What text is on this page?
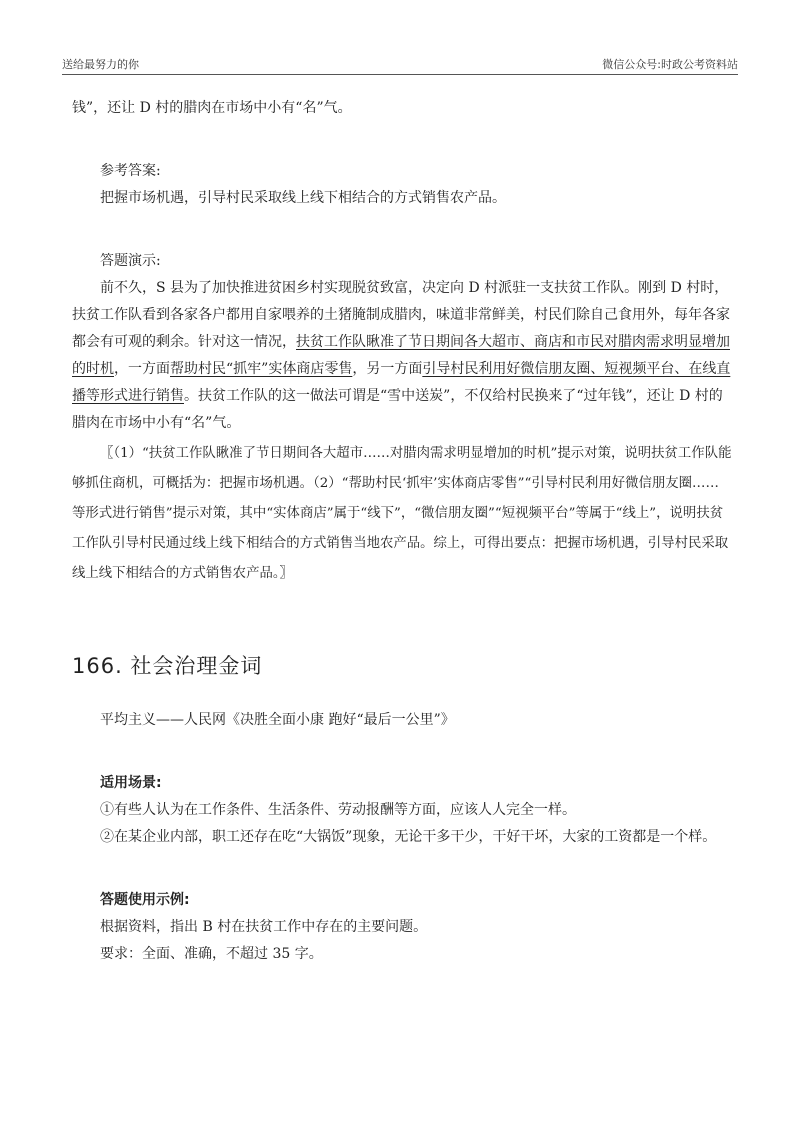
送给最努力的你	微信公众号:时政公考资料站

钱”，还让 D 村的腊肉在市场中小有“名”气。

参考答案:

把握市场机遇，引导村民采取线上线下相结合的方式销售农产品。

答题演示:

前不久，S 县为了加快推进贫困乡村实现脱贫致富，决定向 D 村派驻一支扶贫工作队。刚到 D 村时，扶贫工作队看到各家各户都用自家喂养的土猪腌制成腊肉，味道非常鲜美，村民们除自己食用外，每年各家都会有可观的剩余。针对这一情况，扶贫工作队瞅准了节日期间各大超市、商店和市民对腊肉需求明显增加的时机，一方面帮助村民“抓牢”实体商店零售，另一方面引导村民利用好微信朋友圈、短视频平台、在线直播等形式进行销售。扶贫工作队的这一做法可谓是“雪中送炭”，不仅给村民换来了“过年钱”，还让 D 村的腊肉在市场中小有“名”气。

〖（1）“扶贫工作队瞅准了节日期间各大超市……对腊肉需求明显增加的时机”提示对策，说明扶贫工作队能够抓住商机，可概括为：把握市场机遇。（2）“帮助村民‘抓牢’实体商店零售”“引导村民利用好微信朋友圈……等形式进行销售”提示对策，其中“实体商店”属于“线下”，“微信朋友圈”“短视频平台”等属于“线上”，说明扶贫工作队引导村民通过线上线下相结合的方式销售当地农产品。综上，可得出要点：把握市场机遇，引导村民采取线上线下相结合的方式销售农产品。〗

166. 社会治理金词

平均主义——人民网《决胜全面小康 跑好“最后一公里”》

适用场景:

①有些人认为在工作条件、生活条件、劳动报酬等方面，应该人人完全一样。

②在某企业内部，职工还存在吃“大锅饭”现象，无论干多干少，干好干坏，大家的工资都是一个样。

答题使用示例:

根据资料，指出 B 村在扶贫工作中存在的主要问题。

要求：全面、准确，不超过 35 字。
